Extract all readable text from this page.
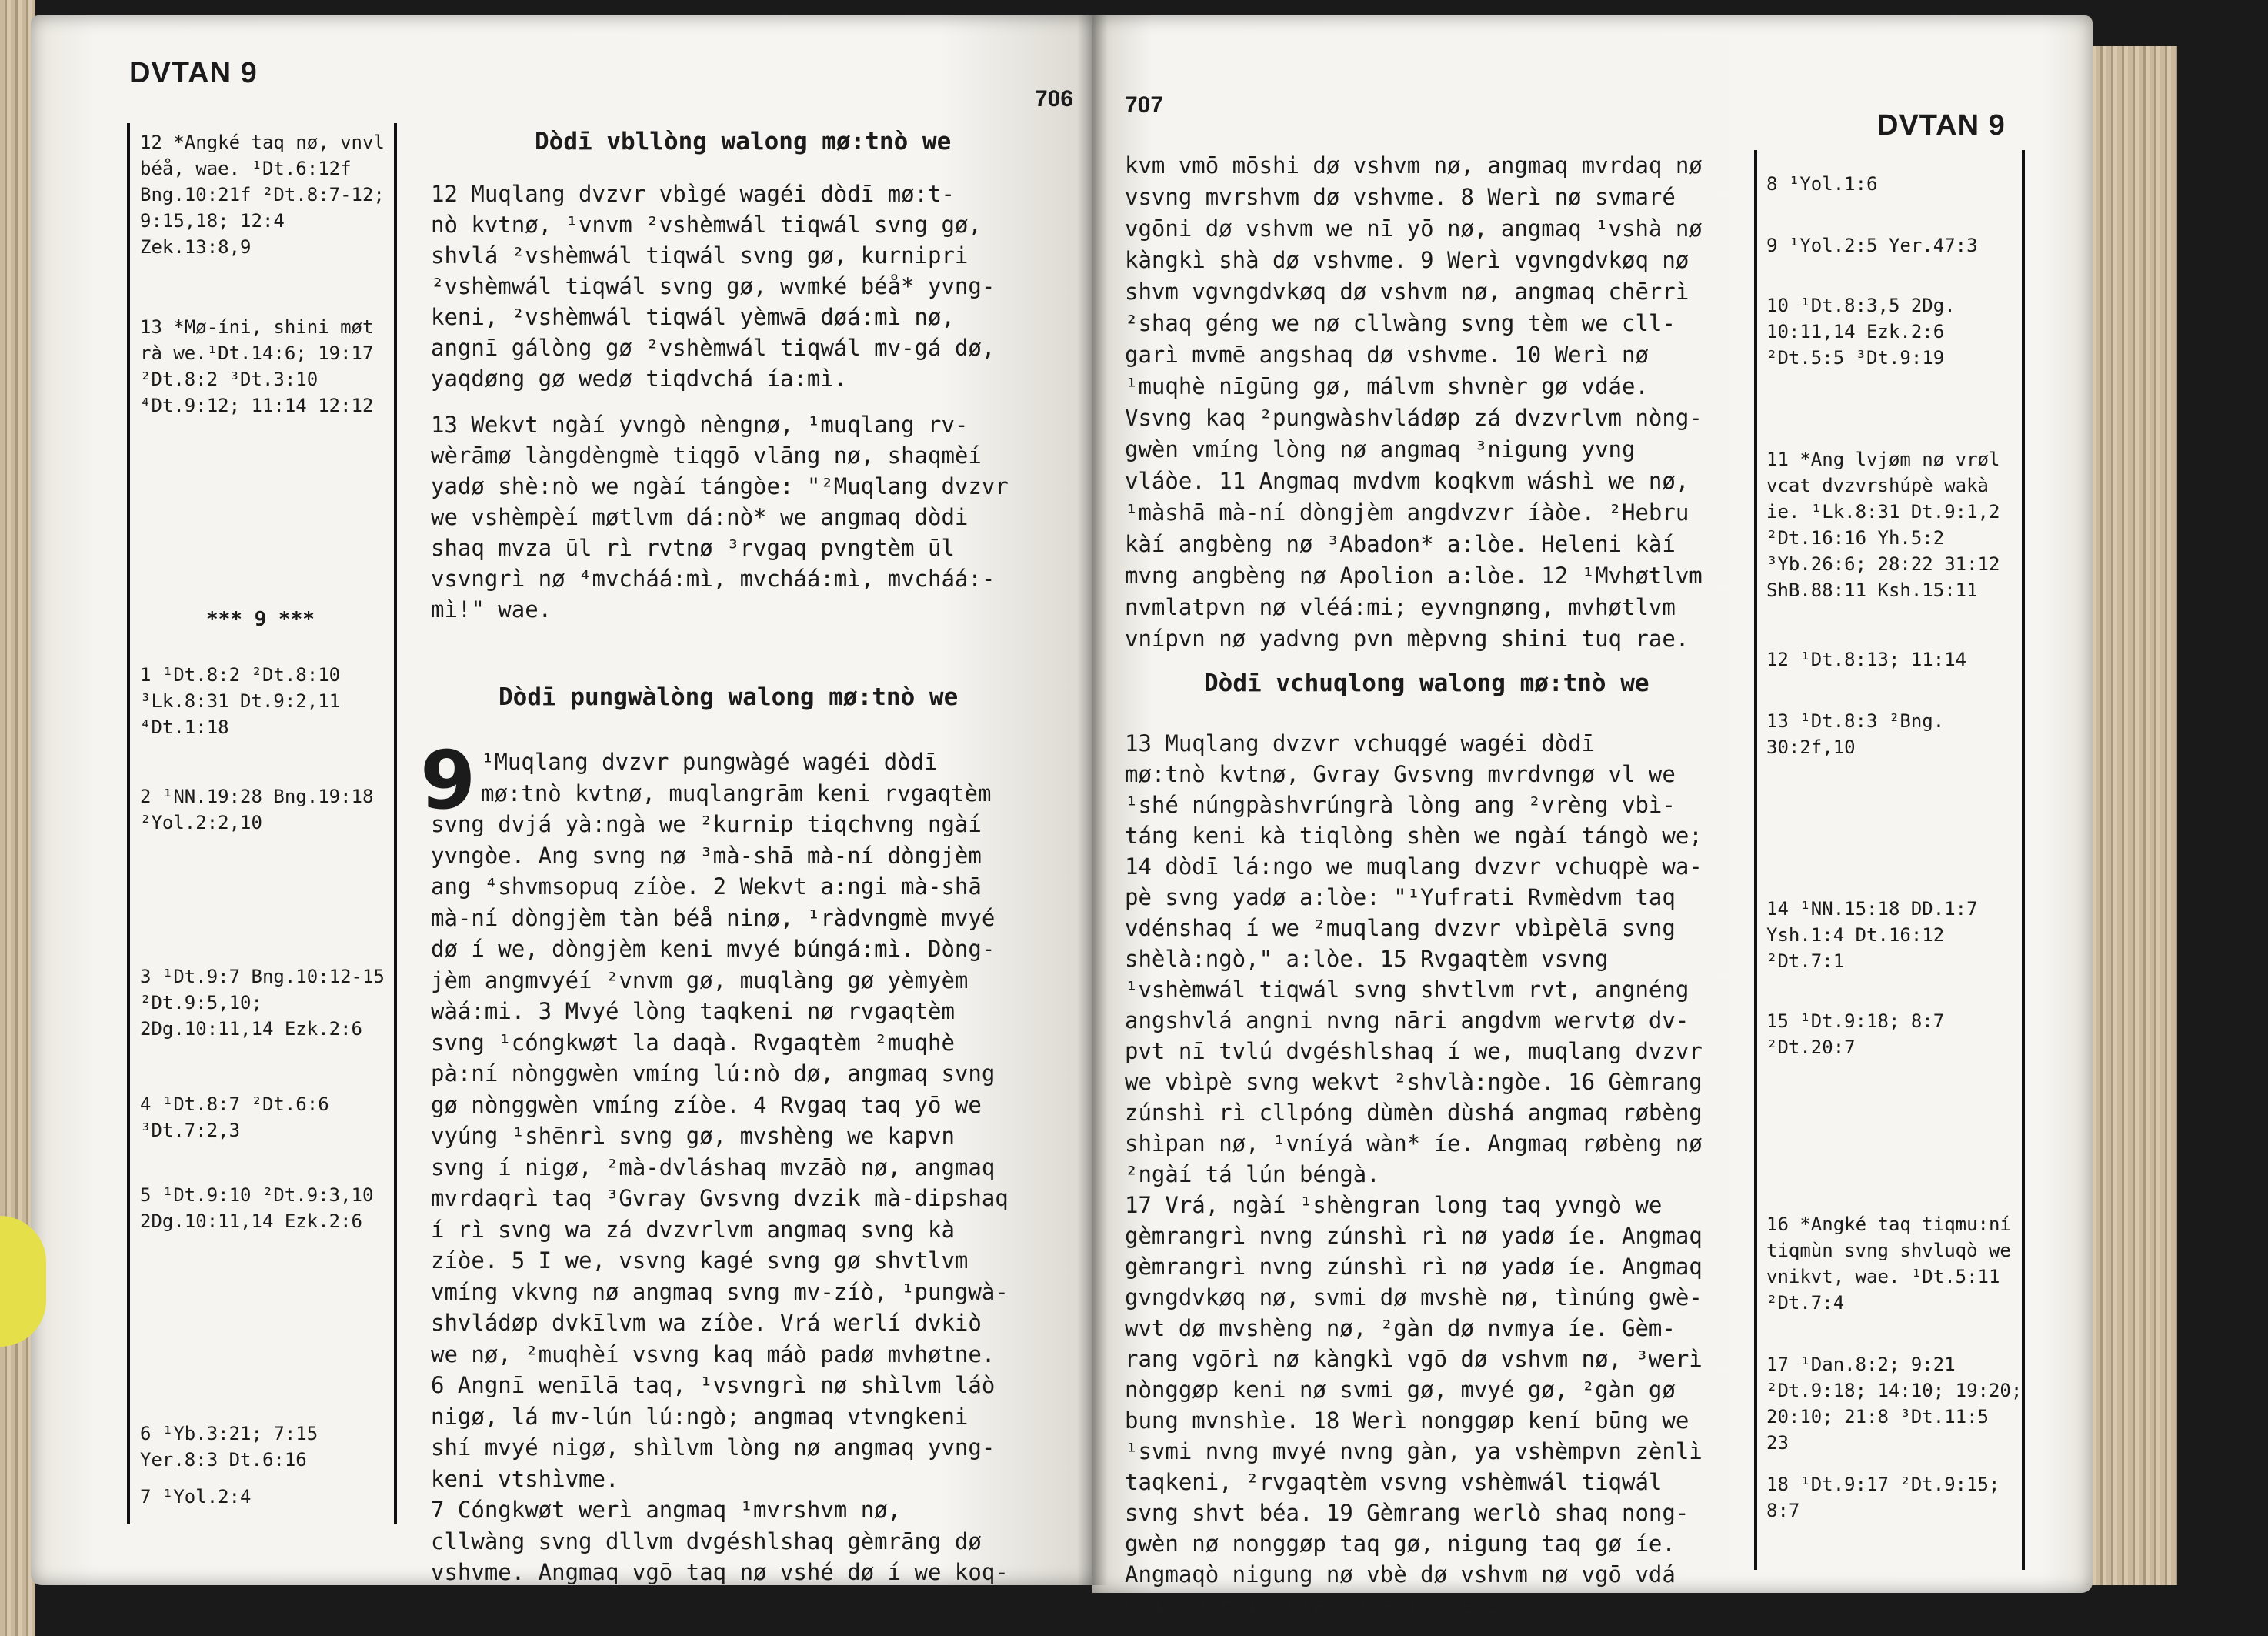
DVTAN 9
706
12 *Angké taq nø, vnvl
béå, wae. ¹Dt.6:12f
Bng.10:21f ²Dt.8:7-12;
9:15,18; 12:4
Zek.13:8,9
13 *Mø-íni, shini møt
rà we.¹Dt.14:6; 19:17
²Dt.8:2 ³Dt.3:10
⁴Dt.9:12; 11:14 12:12
1 ¹Dt.8:2 ²Dt.8:10
³Lk.8:31 Dt.9:2,11
⁴Dt.1:18
2 ¹NN.19:28 Bng.19:18
²Yol.2:2,10
3 ¹Dt.9:7 Bng.10:12-15
²Dt.9:5,10;
2Dg.10:11,14 Ezk.2:6
4 ¹Dt.8:7 ²Dt.6:6
³Dt.7:2,3
5 ¹Dt.9:10 ²Dt.9:3,10
2Dg.10:11,14 Ezk.2:6
6 ¹Yb.3:21; 7:15
Yer.8:3 Dt.6:16
7 ¹Yol.2:4
*** 9 ***
Dòdī vbllòng walong mø:tnò we
Dòdī pungwàlòng walong mø:tnò we
9
12 Muqlang dvzvr vbìgé wagéi dòdī mø:t-
nò kvtnø, ¹vnvm ²vshèmwál tiqwál svng gø,
shvlá ²vshèmwál tiqwál svng gø, kurnipri
²vshèmwál tiqwál svng gø, wvmké béå* yvng-
keni, ²vshèmwál tiqwál yèmwā døá:mì nø,
angnī gálòng gø ²vshèmwál tiqwál mv-gá dø,
yaqdøng gø wedø tiqdvchá ía:mì.
13 Wekvt ngàí yvngò nèngnø, ¹muqlang rv-
wèrāmø làngdèngmè tiqgō vlāng nø, shaqmèí
yadø shè:nò we ngàí tángòe: "²Muqlang dvzvr
we vshèmpèí møtlvm dá:nò* we angmaq dòdi
shaq mvza ūl rì rvtnø ³rvgaq pvngtèm ūl
vsvngrì nø ⁴mvcháá:mì, mvcháá:mì, mvcháá:-
mì!" wae.
¹Muqlang dvzvr pungwàgé wagéi dòdī
mø:tnò kvtnø, muqlangrām keni rvgaqtèm
svng dvjá yà:ngà we ²kurnip tiqchvng ngàí
yvngòe. Ang svng nø ³mà-shā mà-ní dòngjèm
ang ⁴shvmsopuq zíòe. 2 Wekvt a:ngi mà-shā
mà-ní dòngjèm tàn béå ninø, ¹ràdvngmè mvyé
dø í we, dòngjèm keni mvyé búngá:mì. Dòng-
jèm angmvyéí ²vnvm gø, muqlàng gø yèmyèm
wàá:mi. 3 Mvyé lòng taqkeni nø rvgaqtèm
svng ¹cóngkwøt la daqà. Rvgaqtèm ²muqhè
pà:ní nònggwèn vmíng lú:nò dø, angmaq svng
gø nònggwèn vmíng zíòe. 4 Rvgaq taq yō we
vyúng ¹shēnrì svng gø, mvshèng we kapvn
svng í nigø, ²mà-dvláshaq mvzāò nø, angmaq
mvrdaqrì taq ³Gvray Gvsvng dvzik mà-dipshaq
í rì svng wa zá dvzvrlvm angmaq svng kà
zíòe. 5 I we, vsvng kagé svng gø shvtlvm
vmíng vkvng nø angmaq svng mv-zíò, ¹pungwà-
shvládøp dvkīlvm wa zíòe. Vrá werlí dvkiò
we nø, ²muqhèí vsvng kaq máò padø mvhøtne.
6 Angnī wenīlā taq, ¹vsvngrì nø shìlvm láò
nigø, lá mv-lún lú:ngò; angmaq vtvngkeni
shí mvyé nigø, shìlvm lòng nø angmaq yvng-
keni vtshìvme.
7 Cóngkwøt werì angmaq ¹mvrshvm nø,
cllwàng svng dllvm dvgéshlshaq gèmrāng dø
vshvme. Angmaq vgō taq nø vshé dø í we koq-
707
DVTAN 9
Dòdī vchuqlong walong mø:tnò we
kvm vmō mōshi dø vshvm nø, angmaq mvrdaq nø
vsvng mvrshvm dø vshvme. 8 Werì nø svmaré
vgōni dø vshvm we nī yō nø, angmaq ¹vshà nø
kàngkì shà dø vshvme. 9 Werì vgvngdvkøq nø
shvm vgvngdvkøq dø vshvm nø, angmaq chērrì
²shaq géng we nø cllwàng svng tèm we cll-
garì mvmē angshaq dø vshvme. 10 Werì nø
¹muqhè nīgūng gø, málvm shvnèr gø vdáe.
Vsvng kaq ²pungwàshvládøp zá dvzvrlvm nòng-
gwèn vmíng lòng nø angmaq ³nigung yvng
vláòe. 11 Angmaq mvdvm koqkvm wáshì we nø,
¹màshā mà-ní dòngjèm angdvzvr íàòe. ²Hebru
kàí angbèng nø ³Abadon* a:lòe. Heleni kàí
mvng angbèng nø Apolion a:lòe. 12 ¹Mvhøtlvm
nvmlatpvn nø vléá:mi; eyvngnøng, mvhøtlvm
vnípvn nø yadvng pvn mèpvng shini tuq rae.
13 Muqlang dvzvr vchuqgé wagéi dòdī
mø:tnò kvtnø, Gvray Gvsvng mvrdvngø vl we
¹shé núngpàshvrúngrà lòng ang ²vrèng vbì-
táng keni kà tiqlòng shèn we ngàí tángò we;
14 dòdī lá:ngo we muqlang dvzvr vchuqpè wa-
pè svng yadø a:lòe: "¹Yufrati Rvmèdvm taq
vdénshaq í we ²muqlang dvzvr vbìpèlā svng
shèlà:ngò," a:lòe. 15 Rvgaqtèm vsvng
¹vshèmwál tiqwál svng shvtlvm rvt, angnéng
angshvlá angni nvng nāri angdvm wervtø dv-
pvt nī tvlú dvgéshlshaq í we, muqlang dvzvr
we vbìpè svng wekvt ²shvlà:ngòe. 16 Gèmrang
zúnshì rì cllpóng dùmèn dùshá angmaq røbèng
shìpan nø, ¹vníyá wàn* íe. Angmaq røbèng nø
²ngàí tá lún béngà.
17 Vrá, ngàí ¹shèngran long taq yvngò we
gèmrangrì nvng zúnshì rì nø yadø íe. Angmaq
gèmrangrì nvng zúnshì rì nø yadø íe. Angmaq
gvngdvkøq nø, svmi dø mvshè nø, tìnúng gwè-
wvt dø mvshèng nø, ²gàn dø nvmya íe. Gèm-
rang vgōrì nø kàngkì vgō dø vshvm nø, ³werì
nònggøp keni nø svmi gø, mvyé gø, ²gàn gø
bung mvnshìe. 18 Werì nonggøp kení būng we
¹svmi nvng mvyé nvng gàn, ya vshèmpvn zènlì
taqkeni, ²rvgaqtèm vsvng vshèmwál tiqwál
svng shvt béa. 19 Gèmrang werlò shaq nong-
gwèn nø nonggøp taq gø, nigung taq gø íe.
Angmaqò nigung nø vbè dø vshvm nø vgō vdá
weí, werlí dvlá dvzá:rò we íe.
8 ¹Yol.1:6
9 ¹Yol.2:5 Yer.47:3
10 ¹Dt.8:3,5 2Dg.
10:11,14 Ezk.2:6
²Dt.5:5 ³Dt.9:19
11 *Ang lvjøm nø vrøl
vcat dvzvrshúpè wakà
ie. ¹Lk.8:31 Dt.9:1,2
²Dt.16:16 Yh.5:2
³Yb.26:6; 28:22 31:12
ShB.88:11 Ksh.15:11
12 ¹Dt.8:13; 11:14
13 ¹Dt.8:3 ²Bng.
30:2f,10
14 ¹NN.15:18 DD.1:7
Ysh.1:4 Dt.16:12
²Dt.7:1
15 ¹Dt.9:18; 8:7
²Dt.20:7
16 *Angké taq tiqmu:ní
tiqmùn svng shvluqò we
vnikvt, wae. ¹Dt.5:11
²Dt.7:4
17 ¹Dan.8:2; 9:21
²Dt.9:18; 14:10; 19:20;
20:10; 21:8 ³Dt.11:5
23
18 ¹Dt.9:17 ²Dt.9:15;
8:7
